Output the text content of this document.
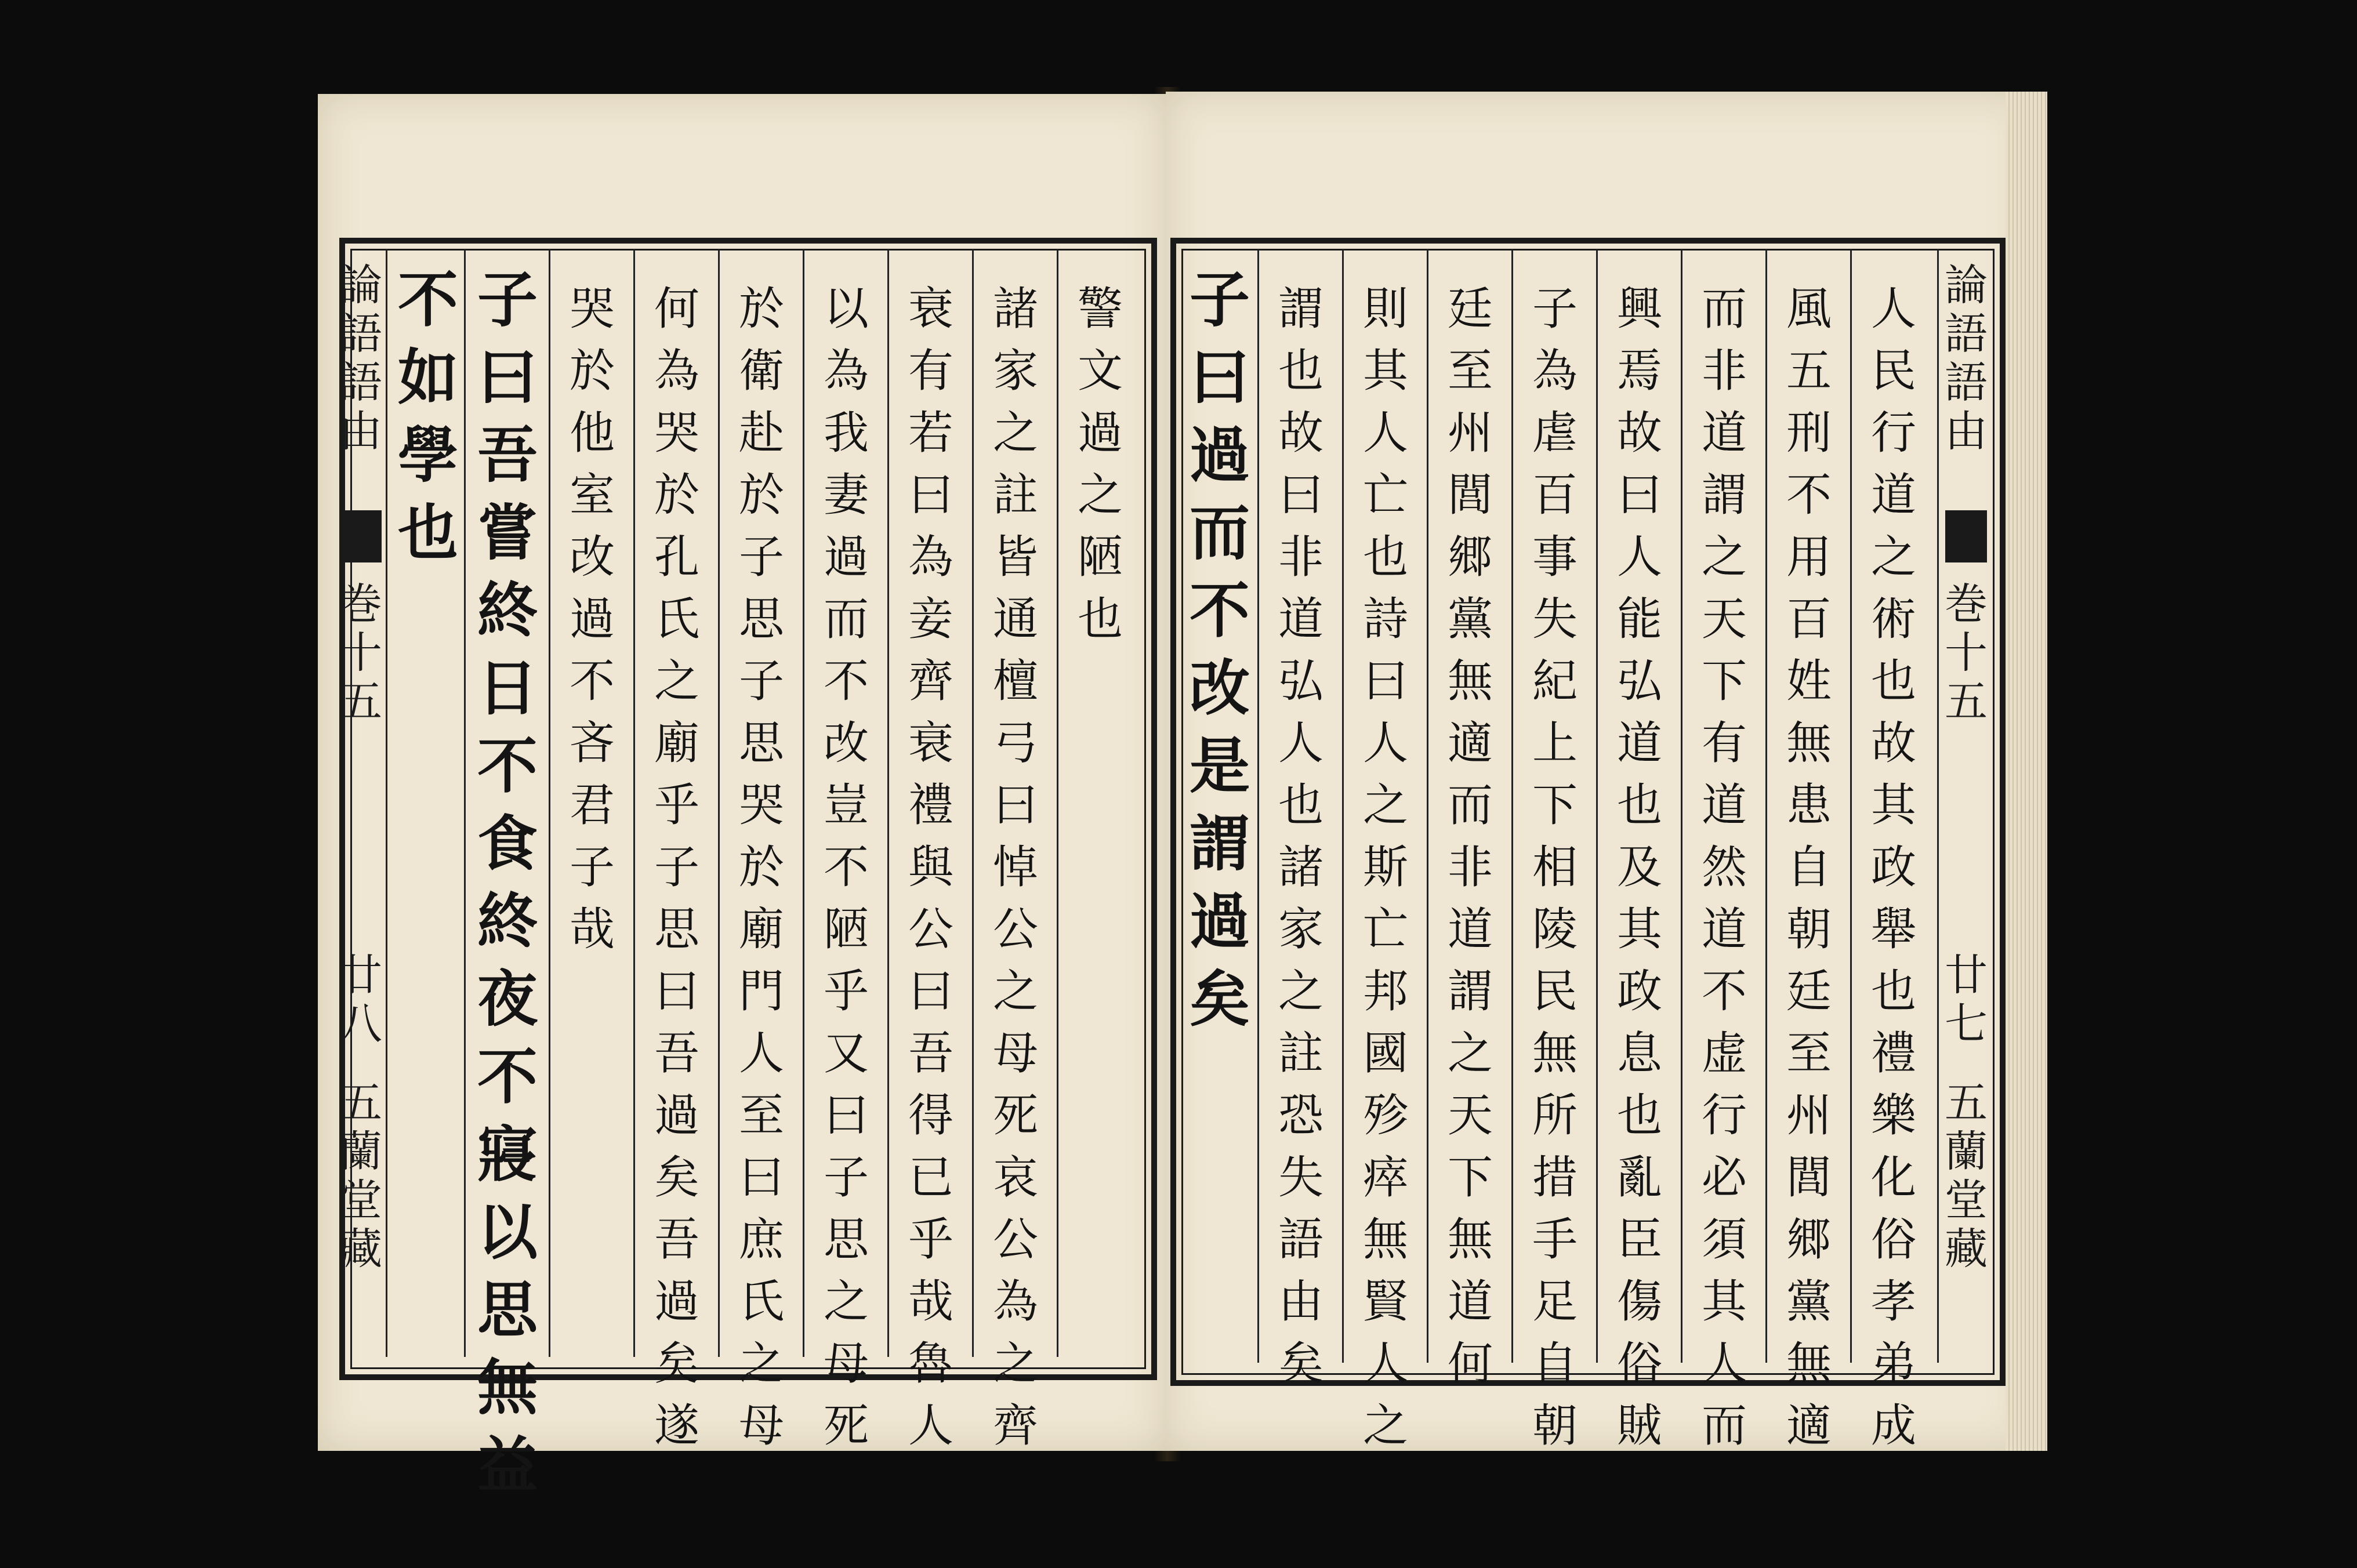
論
語
語
由
巻
十
五
廿
八
五
蘭
堂
藏
論
語
語
由
巻
十
五
廿
七
五
蘭
堂
藏
警
文
過
之
陋
也
諸
家
之
註
皆
通
檀
弓
曰
悼
公
之
母
死
哀
公
為
之
齊
衰
有
若
曰
為
妾
齊
衰
禮
與
公
曰
吾
得
已
乎
哉
魯
人
以
為
我
妻
過
而
不
改
豈
不
陋
乎
又
曰
子
思
之
母
死
於
衛
赴
於
子
思
子
思
哭
於
廟
門
人
至
曰
庶
氏
之
母
何
為
哭
於
孔
氏
之
廟
乎
子
思
曰
吾
過
矣
吾
過
矣
遂
哭
於
他
室
改
過
不
吝
君
子
哉
子
曰
吾
嘗
終
日
不
食
終
夜
不
寢
以
思
無
益
不
如
學
也
人
民
行
道
之
術
也
故
其
政
舉
也
禮
樂
化
俗
孝
弟
成
風
五
刑
不
用
百
姓
無
患
自
朝
廷
至
州
閭
郷
黨
無
適
而
非
道
謂
之
天
下
有
道
然
道
不
虚
行
必
須
其
人
而
興
焉
故
曰
人
能
弘
道
也
及
其
政
息
也
亂
臣
傷
俗
賊
子
為
虐
百
事
失
紀
上
下
相
陵
民
無
所
措
手
足
自
朝
廷
至
州
閭
郷
黨
無
適
而
非
道
謂
之
天
下
無
道
何
則
其
人
亡
也
詩
曰
人
之
斯
亡
邦
國
殄
瘁
無
賢
人
之
謂
也
故
曰
非
道
弘
人
也
諸
家
之
註
恐
失
語
由
矣
子
曰
過
而
不
改
是
謂
過
矣
